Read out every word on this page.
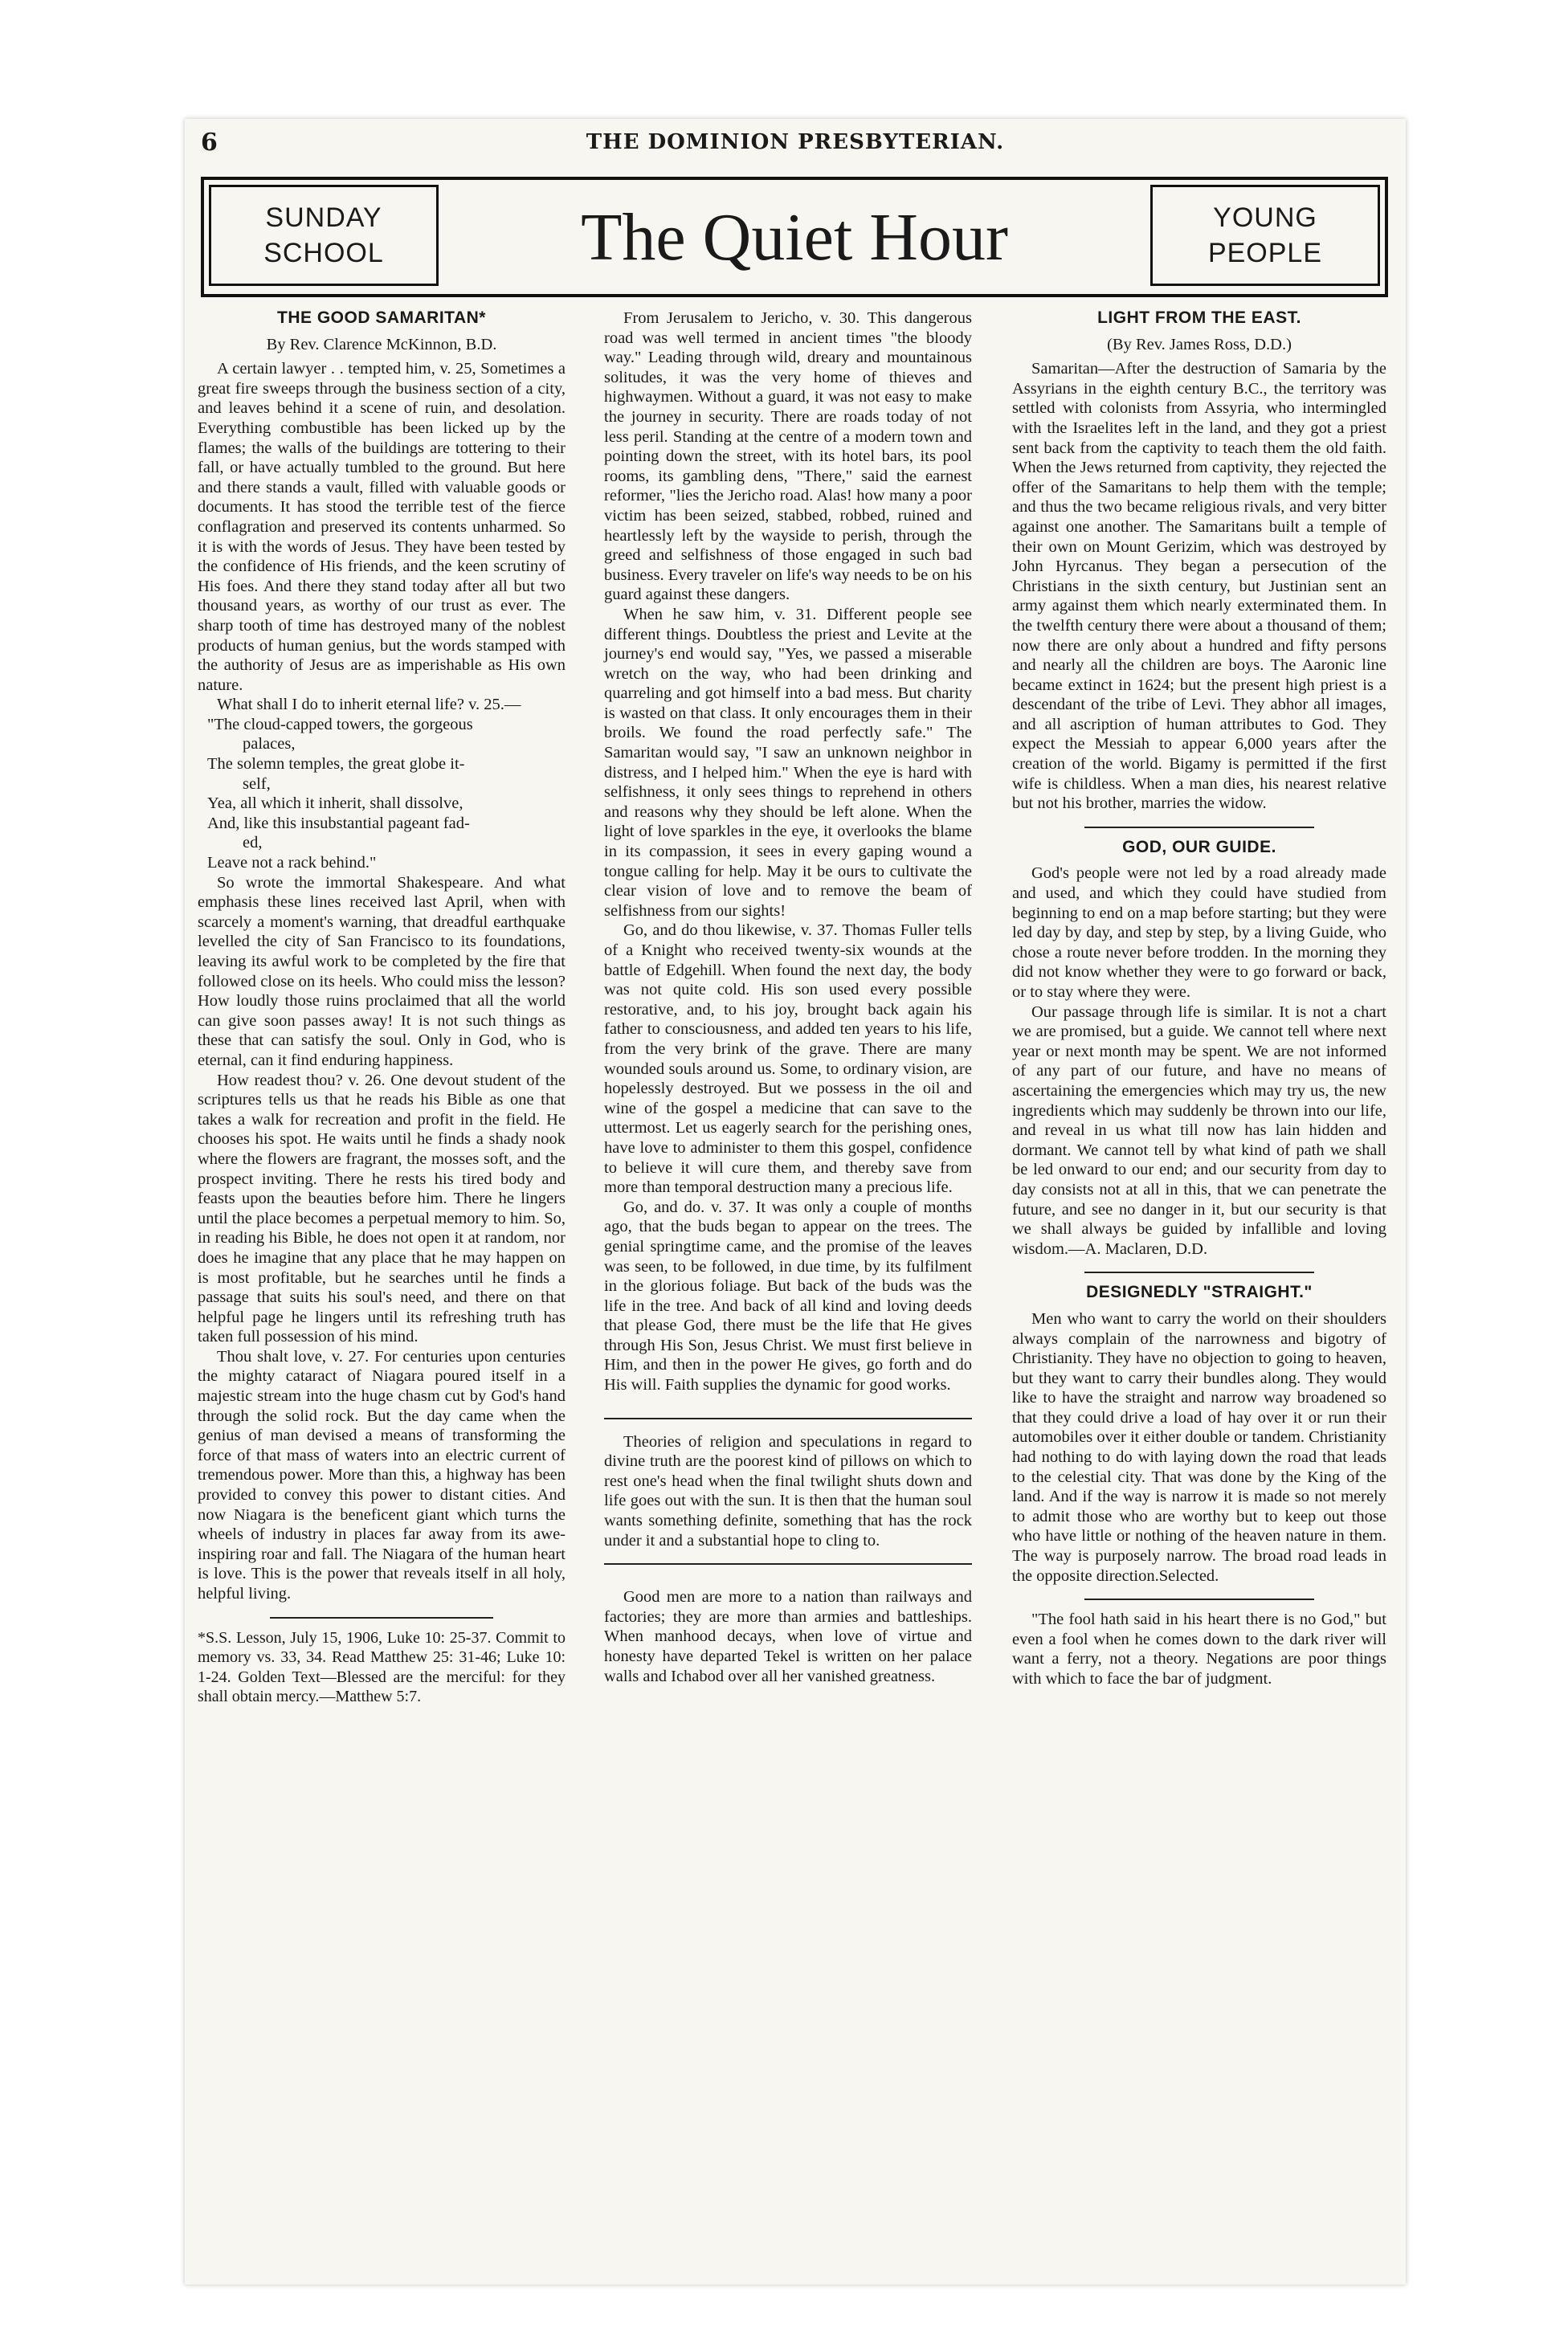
6	THE DOMINION PRESBYTERIAN.
SUNDAY
SCHOOL	The Quiet Hour	YOUNG
PEOPLE
THE GOOD SAMARITAN*
By Rev. Clarence McKinnon, B.D.

A certain lawyer . . tempted him, v. 25, Sometimes a great fire sweeps through the business section of a city, and leaves behind it a scene of ruin, and desolation. Everything combustible has been licked up by the flames; the walls of the buildings are tottering to their fall, or have actually tumbled to the ground. But here and there stands a vault, filled with valuable goods or documents. It has stood the terrible test of the fierce conflagration and preserved its contents unharmed. So it is with the words of Jesus. They have been tested by the confidence of His friends, and the keen scrutiny of His foes. And there they stand today after all but two thousand years, as worthy of our trust as ever. The sharp tooth of time has destroyed many of the noblest products of human genius, but the words stamped with the authority of Jesus are as imperishable as His own nature.

What shall I do to inherit eternal life? v. 25.—

"The cloud-capped towers, the gorgeous
palaces,
The solemn temples, the great globe it-
self,
Yea, all which it inherit, shall dissolve,
And, like this insubstantial pageant fad-
ed,
Leave not a rack behind."

So wrote the immortal Shakespeare. And what emphasis these lines received last April, when with scarcely a moment's warning, that dreadful earthquake levelled the city of San Francisco to its foundations, leaving its awful work to be completed by the fire that followed close on its heels. Who could miss the lesson? How loudly those ruins proclaimed that all the world can give soon passes away! It is not such things as these that can satisfy the soul. Only in God, who is eternal, can it find enduring happiness.

How readest thou? v. 26. One devout student of the scriptures tells us that he reads his Bible as one that takes a walk for recreation and profit in the field. He chooses his spot. He waits until he finds a shady nook where the flowers are fragrant, the mosses soft, and the prospect inviting. There he rests his tired body and feasts upon the beauties before him. There he lingers until the place becomes a perpetual memory to him. So, in reading his Bible, he does not open it at random, nor does he imagine that any place that he may happen on is most profitable, but he searches until he finds a passage that suits his soul's need, and there on that helpful page he lingers until its refreshing truth has taken full possession of his mind.

Thou shalt love, v. 27. For centuries upon centuries the mighty cataract of Niagara poured itself in a majestic stream into the huge chasm cut by God's hand through the solid rock. But the day came when the genius of man devised a means of transforming the force of that mass of waters into an electric current of tremendous power. More than this, a highway has been provided to convey this power to distant cities. And now Niagara is the beneficent giant which turns the wheels of industry in places far away from its awe-inspiring roar and fall. The Niagara of the human heart is love. This is the power that reveals itself in all holy, helpful living.

*S.S. Lesson, July 15, 1906, Luke 10: 25-37. Commit to memory vs. 33, 34. Read Matthew 25: 31-46; Luke 10: 1-24. Golden Text—Blessed are the merciful: for they shall obtain mercy.—Matthew 5:7.

From Jerusalem to Jericho, v. 30. This dangerous road was well termed in ancient times "the bloody way." Leading through wild, dreary and mountainous solitudes, it was the very home of thieves and highwaymen. Without a guard, it was not easy to make the journey in security. There are roads today of not less peril. Standing at the centre of a modern town and pointing down the street, with its hotel bars, its pool rooms, its gambling dens, "There," said the earnest reformer, "lies the Jericho road. Alas! how many a poor victim has been seized, stabbed, robbed, ruined and heartlessly left by the wayside to perish, through the greed and selfishness of those engaged in such bad business. Every traveler on life's way needs to be on his guard against these dangers.

When he saw him, v. 31. Different people see different things. Doubtless the priest and Levite at the journey's end would say, "Yes, we passed a miserable wretch on the way, who had been drinking and quarreling and got himself into a bad mess. But charity is wasted on that class. It only encourages them in their broils. We found the road perfectly safe." The Samaritan would say, "I saw an unknown neighbor in distress, and I helped him." When the eye is hard with selfishness, it only sees things to reprehend in others and reasons why they should be left alone. When the light of love sparkles in the eye, it overlooks the blame in its compassion, it sees in every gaping wound a tongue calling for help. May it be ours to cultivate the clear vision of love and to remove the beam of selfishness from our sights!

Go, and do thou likewise, v. 37. Thomas Fuller tells of a Knight who received twenty-six wounds at the battle of Edgehill. When found the next day, the body was not quite cold. His son used every possible restorative, and, to his joy, brought back again his father to consciousness, and added ten years to his life, from the very brink of the grave. There are many wounded souls around us. Some, to ordinary vision, are hopelessly destroyed. But we possess in the oil and wine of the gospel a medicine that can save to the uttermost. Let us eagerly search for the perishing ones, have love to administer to them this gospel, confidence to believe it will cure them, and thereby save from more than temporal destruction many a precious life.

Go, and do. v. 37. It was only a couple of months ago, that the buds began to appear on the trees. The genial springtime came, and the promise of the leaves was seen, to be followed, in due time, by its fulfilment in the glorious foliage. But back of the buds was the life in the tree. And back of all kind and loving deeds that please God, there must be the life that He gives through His Son, Jesus Christ. We must first believe in Him, and then in the power He gives, go forth and do His will. Faith supplies the dynamic for good works.

Theories of religion and speculations in regard to divine truth are the poorest kind of pillows on which to rest one's head when the final twilight shuts down and life goes out with the sun. It is then that the human soul wants something definite, something that has the rock under it and a substantial hope to cling to.

Good men are more to a nation than railways and factories; they are more than armies and battleships. When manhood decays, when love of virtue and honesty have departed Tekel is written on her palace walls and Ichabod over all her vanished greatness.

LIGHT FROM THE EAST.
(By Rev. James Ross, D.D.)

Samaritan—After the destruction of Samaria by the Assyrians in the eighth century B.C., the territory was settled with colonists from Assyria, who intermingled with the Israelites left in the land, and they got a priest sent back from the captivity to teach them the old faith. When the Jews returned from captivity, they rejected the offer of the Samaritans to help them with the temple; and thus the two became religious rivals, and very bitter against one another. The Samaritans built a temple of their own on Mount Gerizim, which was destroyed by John Hyrcanus. They began a persecution of the Christians in the sixth century, but Justinian sent an army against them which nearly exterminated them. In the twelfth century there were about a thousand of them; now there are only about a hundred and fifty persons and nearly all the children are boys. The Aaronic line became extinct in 1624; but the present high priest is a descendant of the tribe of Levi. They abhor all images, and all ascription of human attributes to God. They expect the Messiah to appear 6,000 years after the creation of the world. Bigamy is permitted if the first wife is childless. When a man dies, his nearest relative but not his brother, marries the widow.

GOD, OUR GUIDE.

God's people were not led by a road already made and used, and which they could have studied from beginning to end on a map before starting; but they were led day by day, and step by step, by a living Guide, who chose a route never before trodden. In the morning they did not know whether they were to go forward or back, or to stay where they were.

Our passage through life is similar. It is not a chart we are promised, but a guide. We cannot tell where next year or next month may be spent. We are not informed of any part of our future, and have no means of ascertaining the emergencies which may try us, the new ingredients which may suddenly be thrown into our life, and reveal in us what till now has lain hidden and dormant. We cannot tell by what kind of path we shall be led onward to our end; and our security from day to day consists not at all in this, that we can penetrate the future, and see no danger in it, but our security is that we shall always be guided by infallible and loving wisdom.—A. Maclaren, D.D.

DESIGNEDLY "STRAIGHT."

Men who want to carry the world on their shoulders always complain of the narrowness and bigotry of Christianity. They have no objection to going to heaven, but they want to carry their bundles along. They would like to have the straight and narrow way broadened so that they could drive a load of hay over it or run their automobiles over it either double or tandem. Christianity had nothing to do with laying down the road that leads to the celestial city. That was done by the King of the land. And if the way is narrow it is made so not merely to admit those who are worthy but to keep out those who have little or nothing of the heaven nature in them. The way is purposely narrow. The broad road leads in the opposite direction.Selected.

"The fool hath said in his heart there is no God," but even a fool when he comes down to the dark river will want a ferry, not a theory. Negations are poor things with which to face the bar of judgment.
